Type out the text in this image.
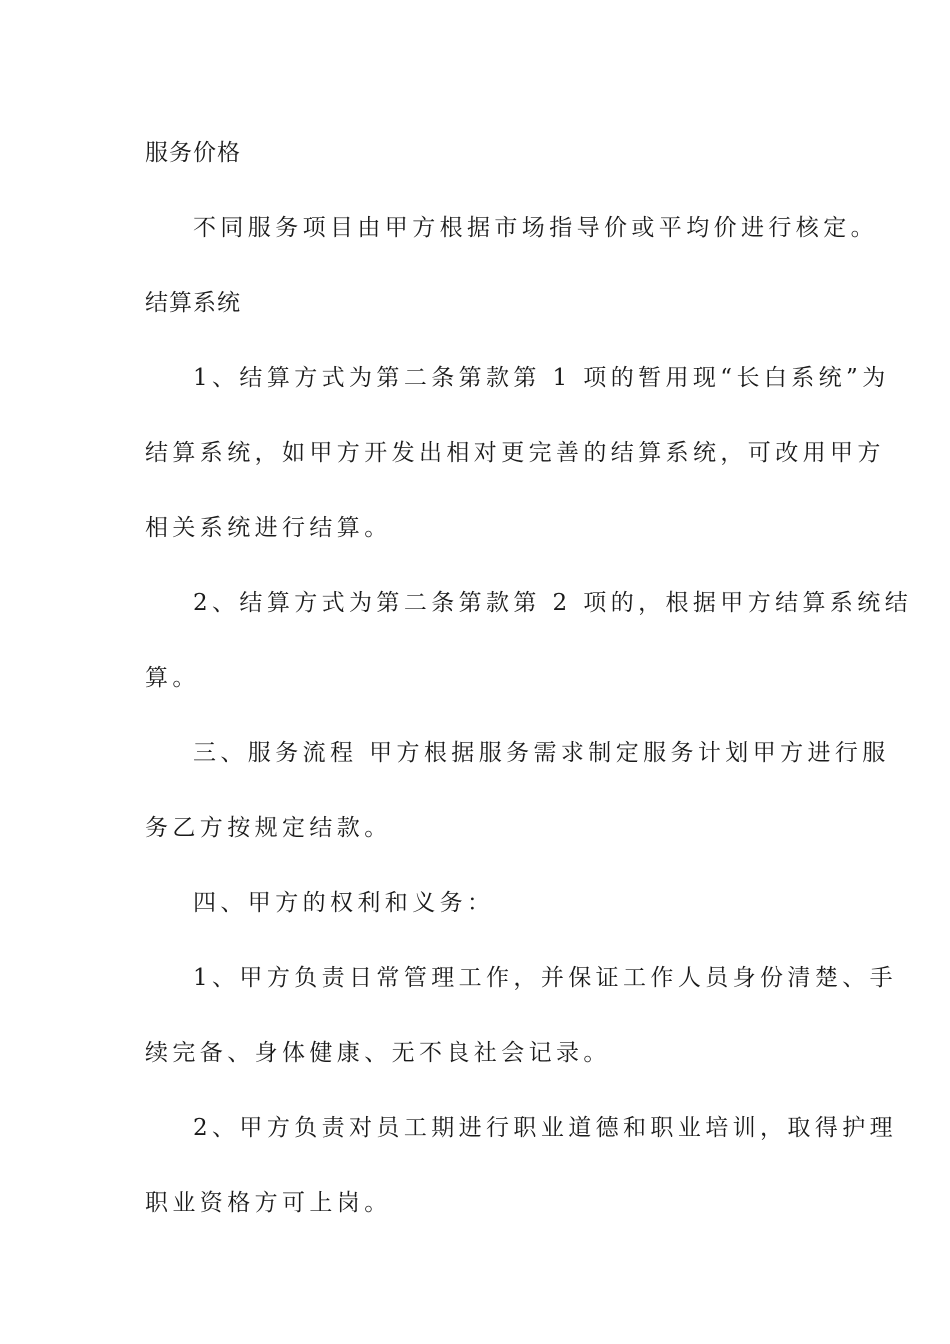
服务价格

不同服务项目由甲方根据市场指导价或平均价进行核定。

结算系统

1、结算方式为第二条第款第 1 项的暂用现“长白系统”为

结算系统，如甲方开发出相对更完善的结算系统，可改用甲方

相关系统进行结算。

2、结算方式为第二条第款第 2 项的，根据甲方结算系统结

算。

三、服务流程 甲方根据服务需求制定服务计划甲方进行服

务乙方按规定结款。

四、甲方的权利和义务：

1、甲方负责日常管理工作，并保证工作人员身份清楚、手

续完备、身体健康、无不良社会记录。

2、甲方负责对员工期进行职业道德和职业培训，取得护理

职业资格方可上岗。
